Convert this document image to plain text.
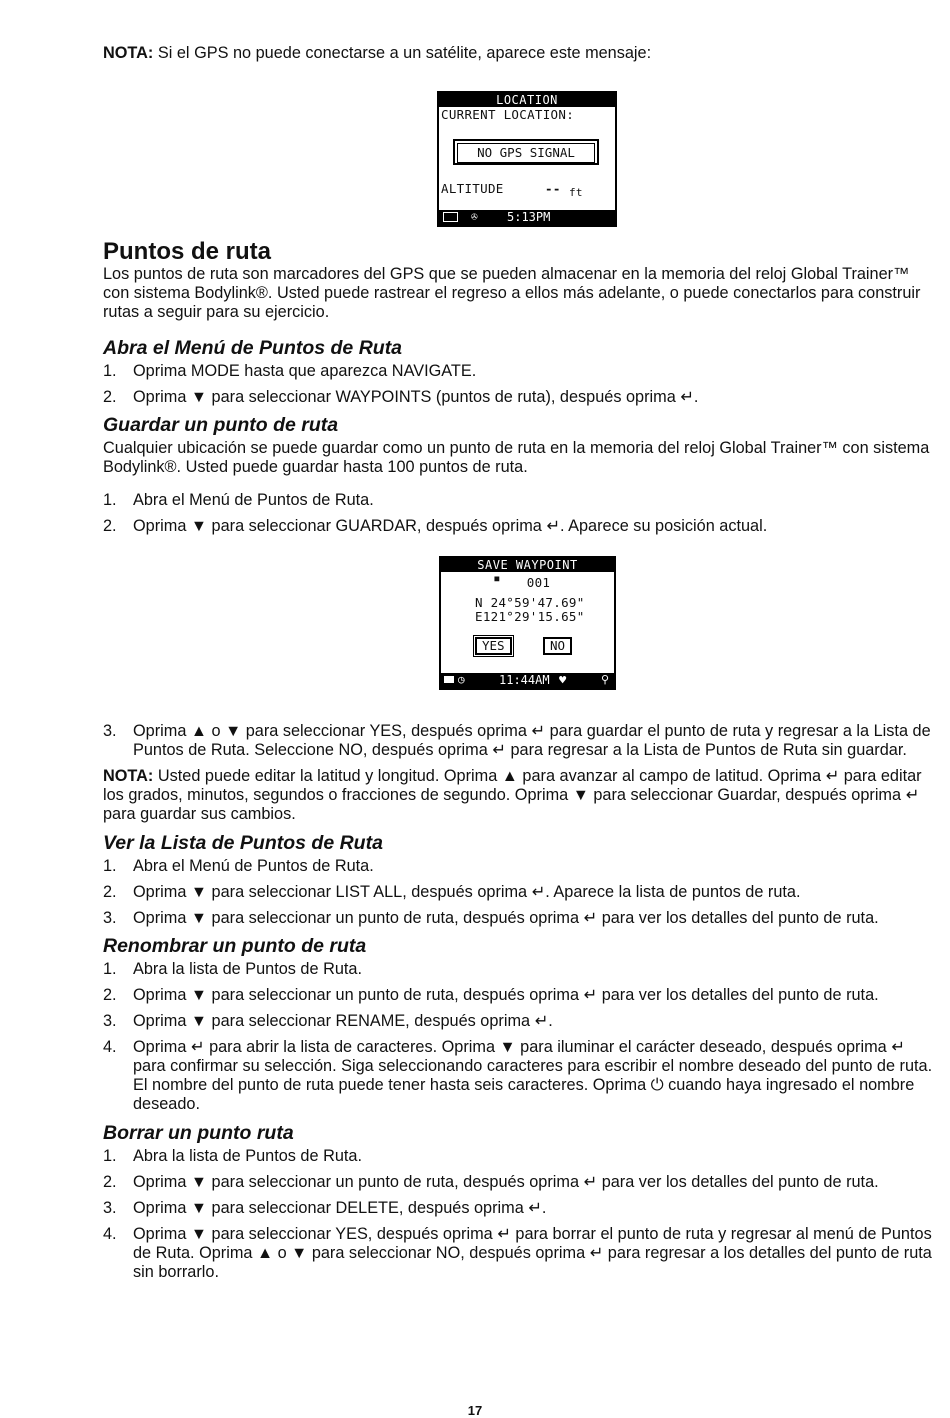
NOTA: Si el GPS no puede conectarse a un satélite, aparece este mensaje:

LOCATION
CURRENT LOCATION:
NO GPS SIGNAL
ALTITUDE	-- ft
✇ 5:13PM
Puntos de ruta

Los puntos de ruta son marcadores del GPS que se pueden almacenar en la memoria del reloj Global Trainer™ con sistema Bodylink®. Usted puede rastrear el regreso a ellos más adelante, o puede conectarlos para construir rutas a seguir para su ejercicio.

Abra el Menú de Puntos de Ruta
1. Oprima MODE hasta que aparezca NAVIGATE.
2. Oprima ▼ para seleccionar WAYPOINTS (puntos de ruta), después oprima ↵.
Guardar un punto de ruta

Cualquier ubicación se puede guardar como un punto de ruta en la memoria del reloj Global Trainer™ con sistema Bodylink®. Usted puede guardar hasta 100 puntos de ruta.

1. Abra el Menú de Puntos de Ruta.
2. Oprima ▼ para seleccionar GUARDAR, después oprima ↵. Aparece su posición actual.
SAVE WAYPOINT
▪ 001
N 24°59'47.69"
E121°29'15.65"
YES	NO
◷	11:44AM ♥	⚲
3. Oprima ▲ o ▼ para seleccionar YES, después oprima ↵ para guardar el punto de ruta y regresar a la Lista de Puntos de Ruta. Seleccione NO, después oprima ↵ para regresar a la Lista de Puntos de Ruta sin guardar.

NOTA: Usted puede editar la latitud y longitud. Oprima ▲ para avanzar al campo de latitud. Oprima ↵ para editar los grados, minutos, segundos o fracciones de segundo. Oprima ▼ para seleccionar Guardar, después oprima ↵ para guardar sus cambios.

Ver la Lista de Puntos de Ruta
1. Abra el Menú de Puntos de Ruta.
2. Oprima ▼ para seleccionar LIST ALL, después oprima ↵. Aparece la lista de puntos de ruta.
3. Oprima ▼ para seleccionar un punto de ruta, después oprima ↵ para ver los detalles del punto de ruta.
Renombrar un punto de ruta
1. Abra la lista de Puntos de Ruta.
2. Oprima ▼ para seleccionar un punto de ruta, después oprima ↵ para ver los detalles del punto de ruta.
3. Oprima ▼ para seleccionar RENAME, después oprima ↵.
4. Oprima ↵ para abrir la lista de caracteres. Oprima ▼ para iluminar el carácter deseado, después oprima ↵ para confirmar su selección. Siga seleccionando caracteres para escribir el nombre deseado del punto de ruta. El nombre del punto de ruta puede tener hasta seis caracteres. Oprima ⏻ cuando haya ingresado el nombre deseado.
Borrar un punto ruta
1. Abra la lista de Puntos de Ruta.
2. Oprima ▼ para seleccionar un punto de ruta, después oprima ↵ para ver los detalles del punto de ruta.
3. Oprima ▼ para seleccionar DELETE, después oprima ↵.
4. Oprima ▼ para seleccionar YES, después oprima ↵ para borrar el punto de ruta y regresar al menú de Puntos de Ruta. Oprima ▲ o ▼ para seleccionar NO, después oprima ↵ para regresar a los detalles del punto de ruta sin borrarlo.
17
